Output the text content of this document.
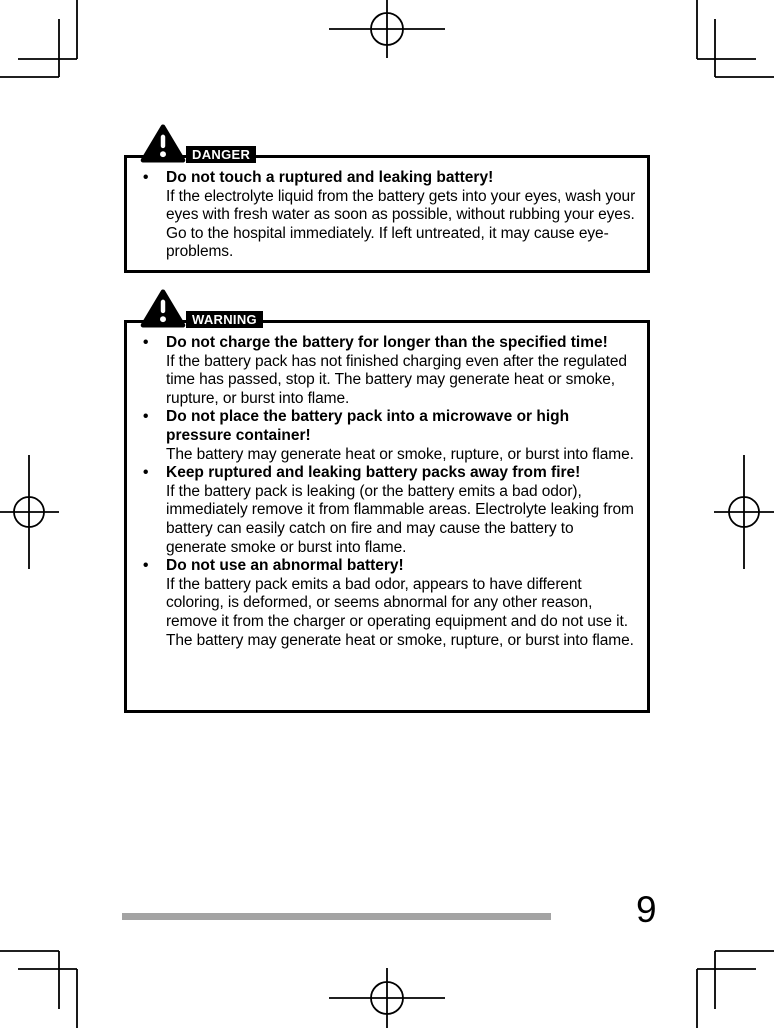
DANGER
•	Do not touch a ruptured and leaking battery!
If the electrolyte liquid from the battery gets into your eyes, wash your eyes with fresh water as soon as possible, without rubbing your eyes. Go to the hospital immediately. If left untreated, it may cause eye-problems.
WARNING
•	Do not charge the battery for longer than the specified time!
If the battery pack has not finished charging even after the regulated time has passed, stop it. The battery may generate heat or smoke, rupture, or burst into flame.
•	Do not place the battery pack into a microwave or high pressure container!
The battery may generate heat or smoke, rupture, or burst into flame.
•	Keep ruptured and leaking battery packs away from fire!
If the battery pack is leaking (or the battery emits a bad odor), immediately remove it from flammable areas. Electrolyte leaking from battery can easily catch on fire and may cause the battery to generate smoke or burst into flame.
•	Do not use an abnormal battery!
If the battery pack emits a bad odor, appears to have different coloring, is deformed, or seems abnormal for any other reason, remove it from the charger or operating equipment and do not use it. The battery may generate heat or smoke, rupture, or burst into flame.
9
